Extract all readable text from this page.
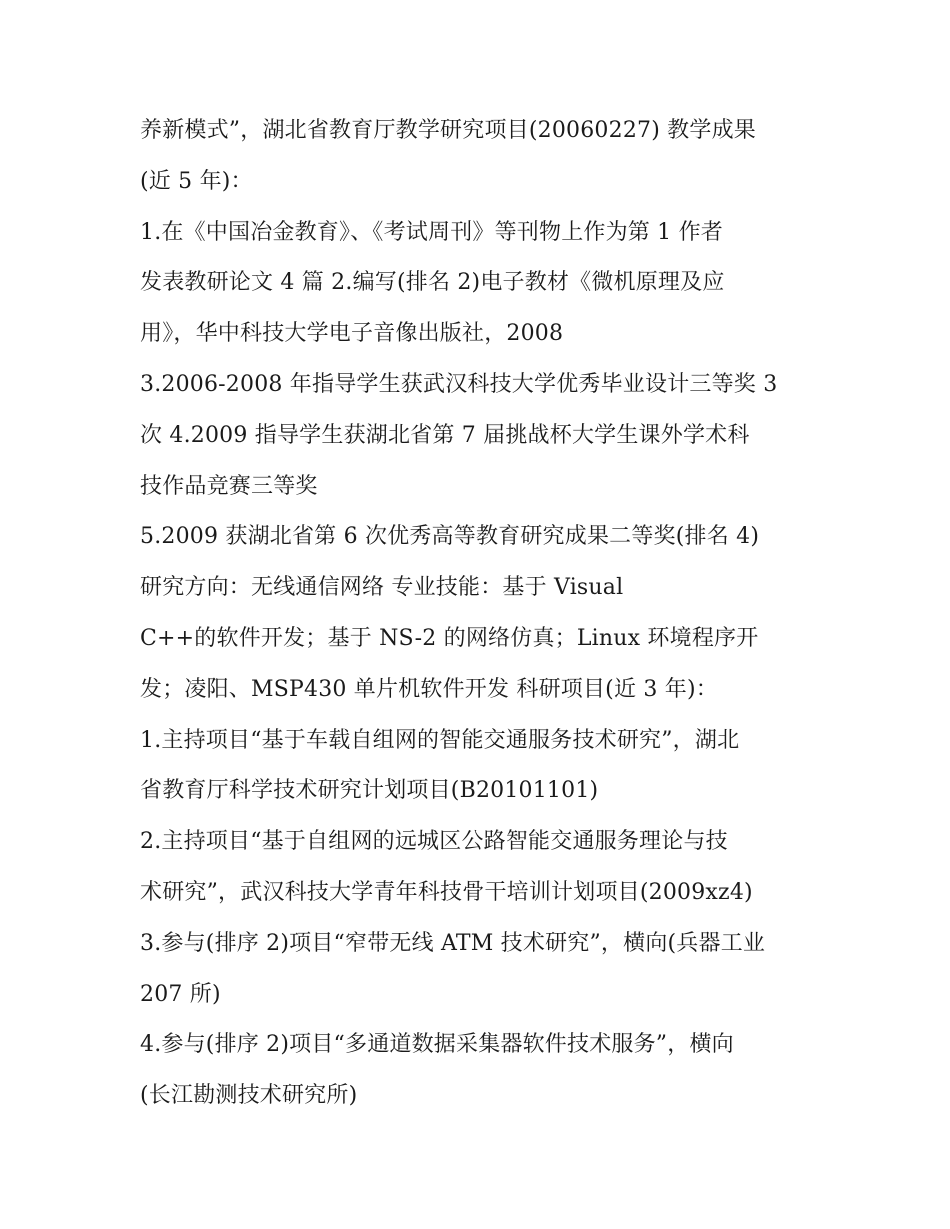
养新模式”，湖北省教育厅教学研究项目(20060227) 教学成果
(近 5 年)：
1.在《中国冶金教育》、《考试周刊》等刊物上作为第 1 作者
发表教研论文 4 篇 2.编写(排名 2)电子教材《微机原理及应
用》，华中科技大学电子音像出版社，2008
3.2006-2008 年指导学生获武汉科技大学优秀毕业设计三等奖 3
次 4.2009 指导学生获湖北省第 7 届挑战杯大学生课外学术科
技作品竞赛三等奖
5.2009 获湖北省第 6 次优秀高等教育研究成果二等奖(排名 4)
研究方向：无线通信网络 专业技能：基于 Visual
C++的软件开发；基于 NS-2 的网络仿真；Linux 环境程序开
发；凌阳、MSP430 单片机软件开发 科研项目(近 3 年)：
1.主持项目“基于车载自组网的智能交通服务技术研究”，湖北
省教育厅科学技术研究计划项目(B20101101)
2.主持项目“基于自组网的远城区公路智能交通服务理论与技
术研究”，武汉科技大学青年科技骨干培训计划项目(2009xz4)
3.参与(排序 2)项目“窄带无线 ATM 技术研究”，横向(兵器工业
207 所)
4.参与(排序 2)项目“多通道数据采集器软件技术服务”，横向
(长江勘测技术研究所)
